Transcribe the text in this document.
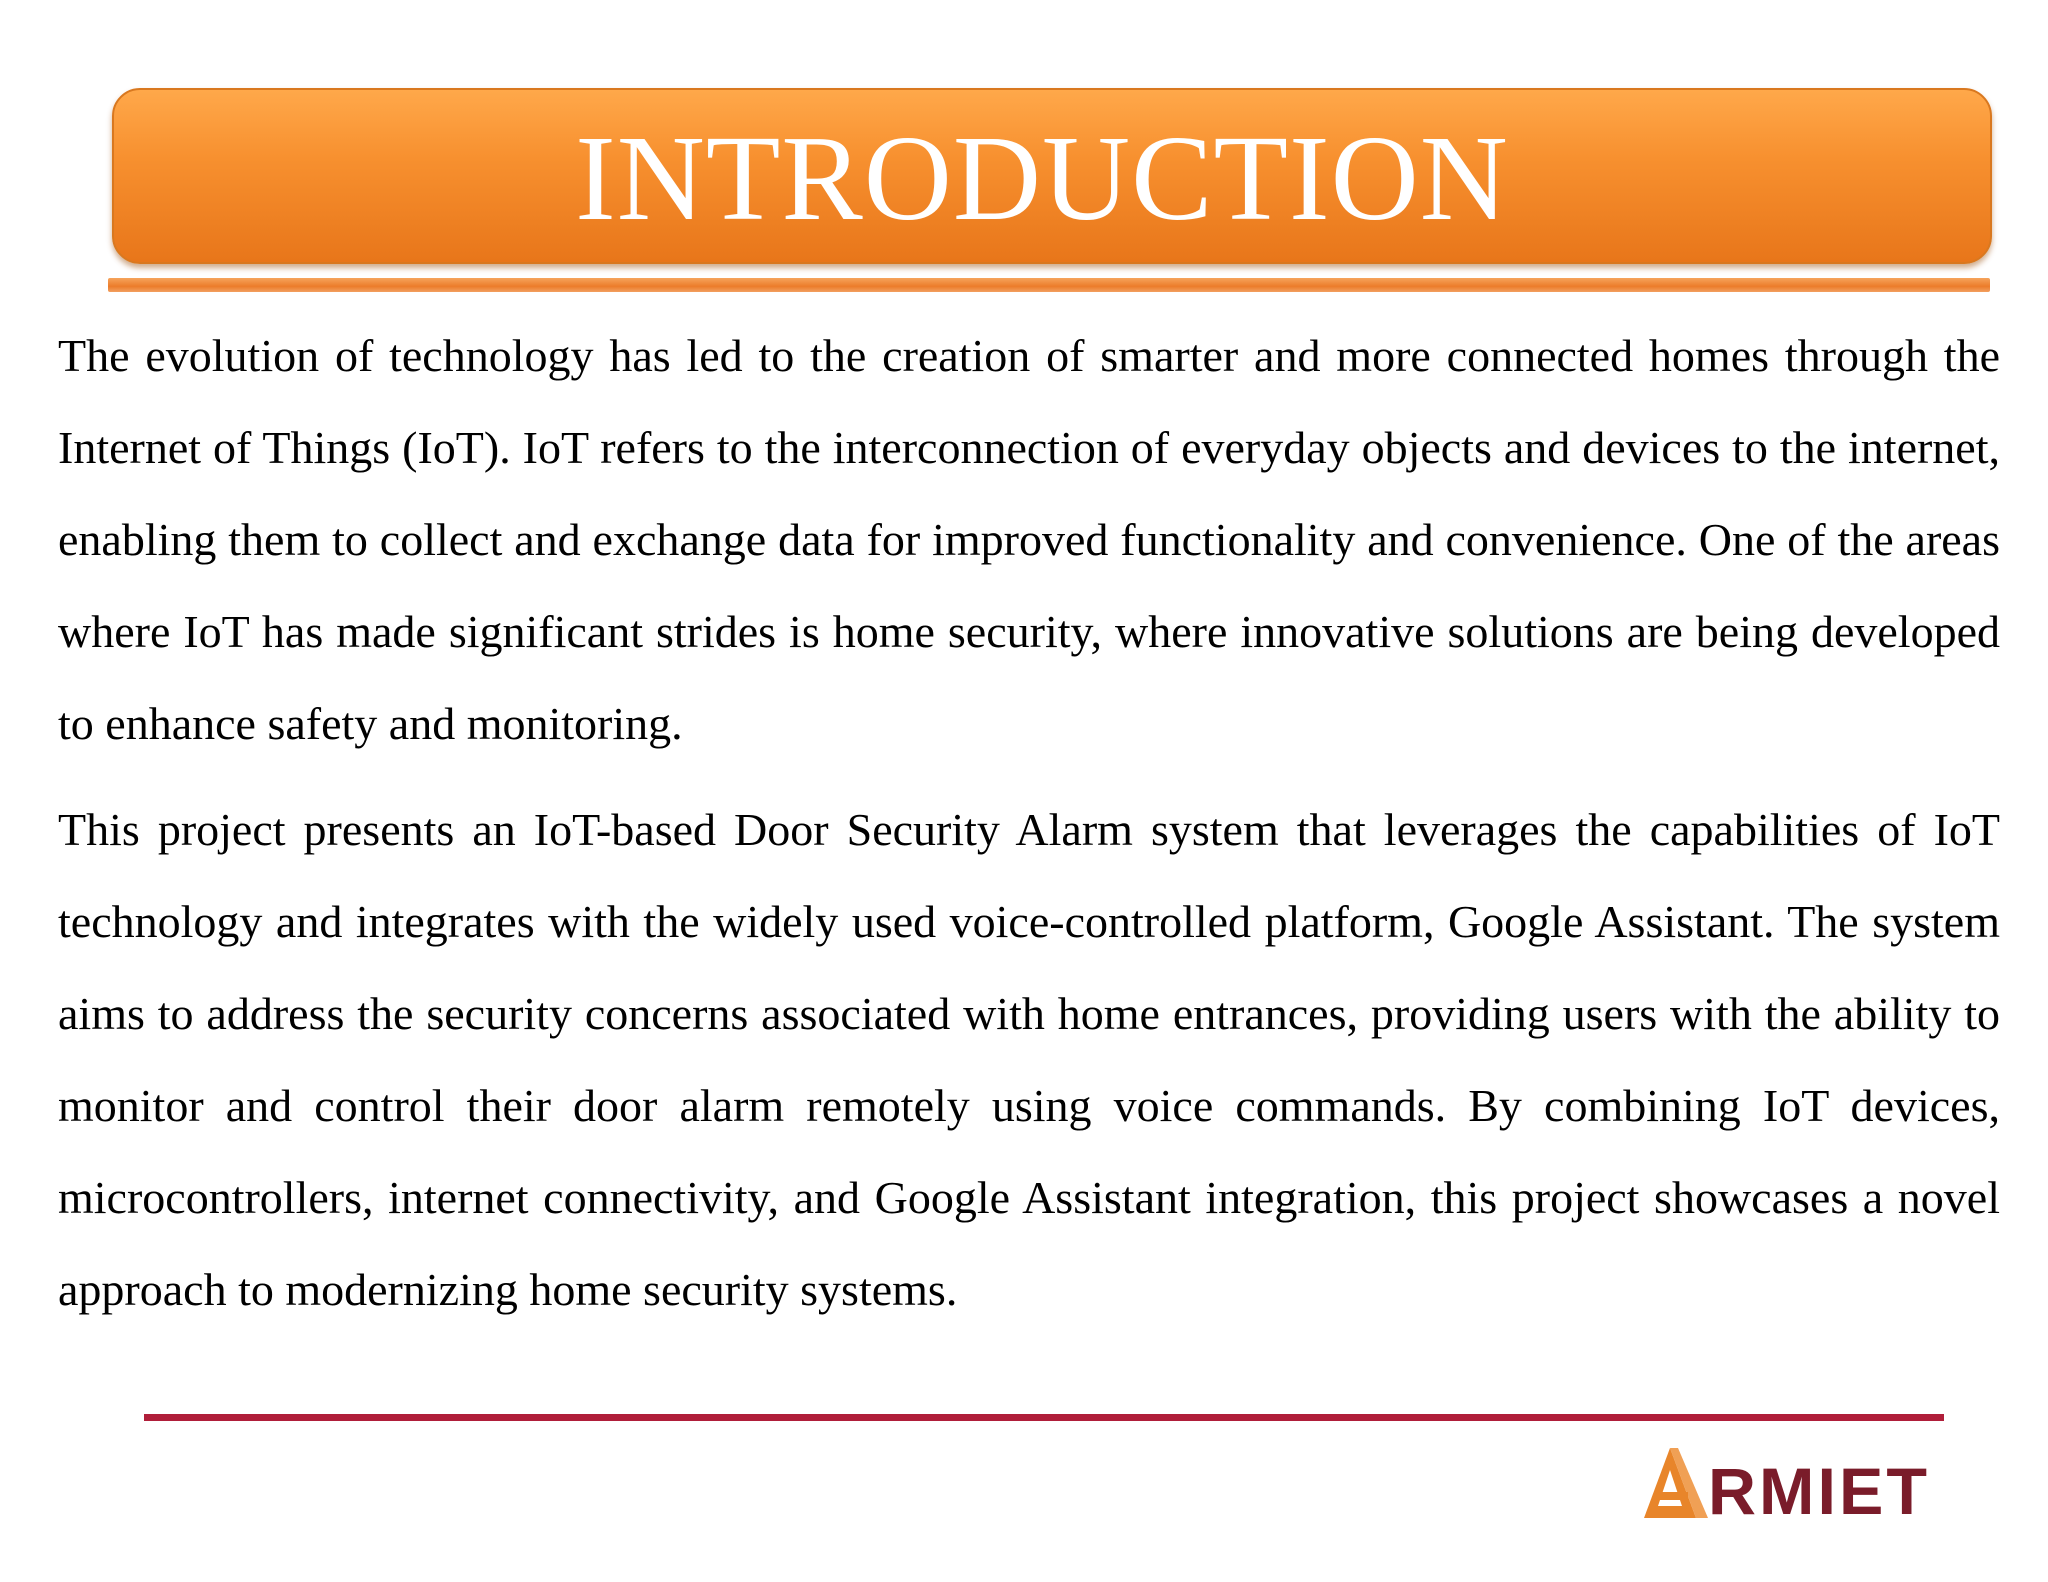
INTRODUCTION

The evolution of technology has led to the creation of smarter and more connected homes through the Internet of Things (IoT). IoT refers to the interconnection of everyday objects and devices to the internet, enabling them to collect and exchange data for improved functionality and convenience. One of the areas where IoT has made significant strides is home security, where innovative solutions are being developed to enhance safety and monitoring.

This project presents an IoT-based Door Security Alarm system that leverages the capabilities of IoT technology and integrates with the widely used voice-controlled platform, Google Assistant. The system aims to address the security concerns associated with home entrances, providing users with the ability to monitor and control their door alarm remotely using voice commands. By combining IoT devices, microcontrollers, internet connectivity, and Google Assistant integration, this project showcases a novel approach to modernizing home security systems.

RMIET
